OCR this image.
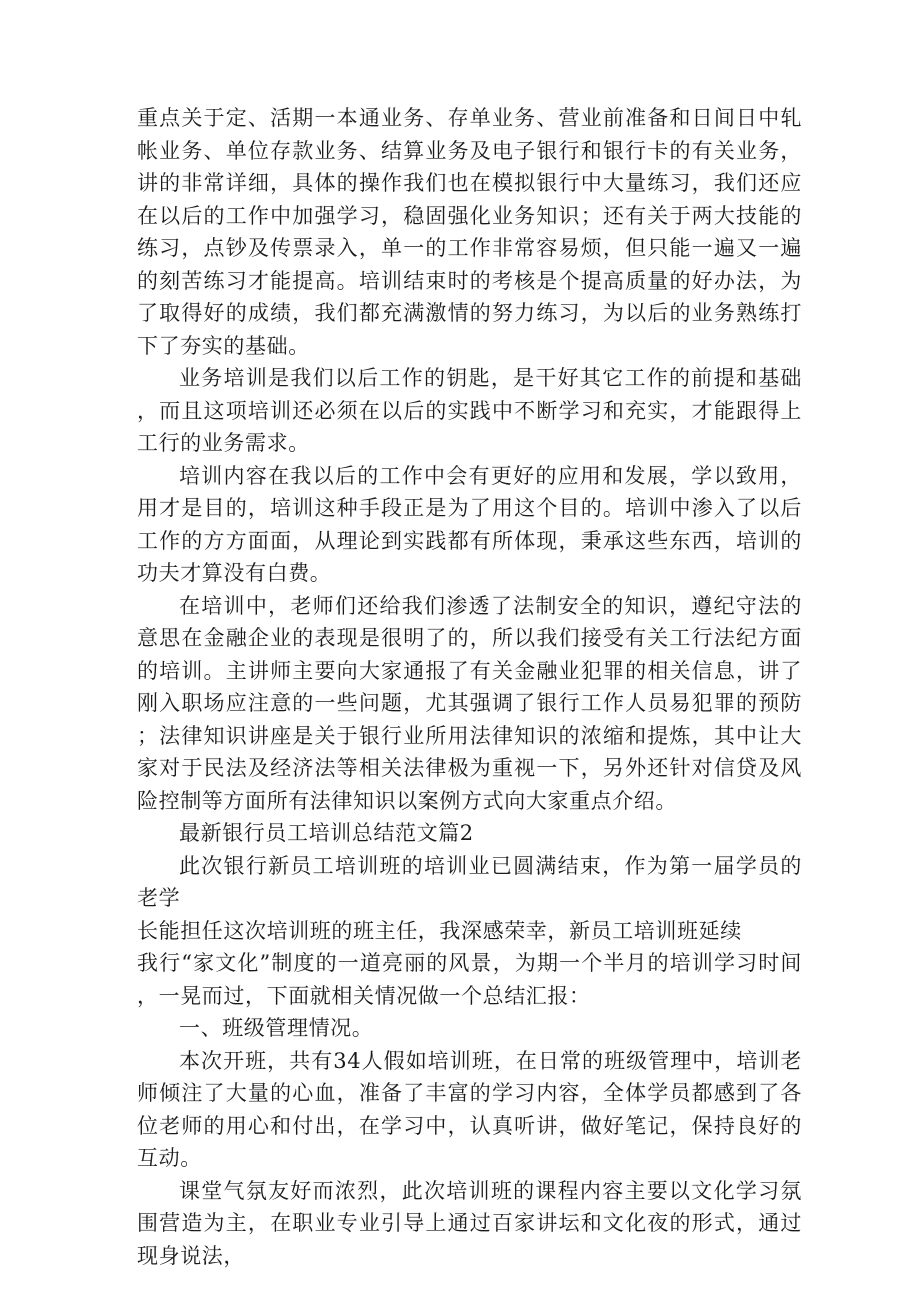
重点关于定、活期一本通业务、存单业务、营业前准备和日间日中轧帐业务、单位存款业务、结算业务及电子银行和银行卡的有关业务，讲的非常详细，具体的操作我们也在模拟银行中大量练习，我们还应在以后的工作中加强学习，稳固强化业务知识；还有关于两大技能的练习，点钞及传票录入，单一的工作非常容易烦，但只能一遍又一遍的刻苦练习才能提高。培训结束时的考核是个提高质量的好办法，为了取得好的成绩，我们都充满激情的努力练习，为以后的业务熟练打下了夯实的基础。

业务培训是我们以后工作的钥匙，是干好其它工作的前提和基础，而且这项培训还必须在以后的实践中不断学习和充实，才能跟得上工行的业务需求。

培训内容在我以后的工作中会有更好的应用和发展，学以致用，用才是目的，培训这种手段正是为了用这个目的。培训中渗入了以后工作的方方面面，从理论到实践都有所体现，秉承这些东西，培训的功夫才算没有白费。

在培训中，老师们还给我们渗透了法制安全的知识，遵纪守法的意思在金融企业的表现是很明了的，所以我们接受有关工行法纪方面的培训。主讲师主要向大家通报了有关金融业犯罪的相关信息，讲了刚入职场应注意的一些问题，尤其强调了银行工作人员易犯罪的预防；法律知识讲座是关于银行业所用法律知识的浓缩和提炼，其中让大家对于民法及经济法等相关法律极为重视一下，另外还针对信贷及风险控制等方面所有法律知识以案例方式向大家重点介绍。

最新银行员工培训总结范文篇2

此次银行新员工培训班的培训业已圆满结束，作为第一届学员的老学

长能担任这次培训班的班主任，我深感荣幸，新员工培训班延续

我行“家文化”制度的一道亮丽的风景，为期一个半月的培训学习时间，一晃而过，下面就相关情况做一个总结汇报：

一、班级管理情况。

本次开班，共有34人假如培训班，在日常的班级管理中，培训老师倾注了大量的心血，准备了丰富的学习内容，全体学员都感到了各位老师的用心和付出，在学习中，认真听讲，做好笔记，保持良好的互动。

课堂气氛友好而浓烈，此次培训班的课程内容主要以文化学习氛围营造为主，在职业专业引导上通过百家讲坛和文化夜的形式，通过现身说法，
